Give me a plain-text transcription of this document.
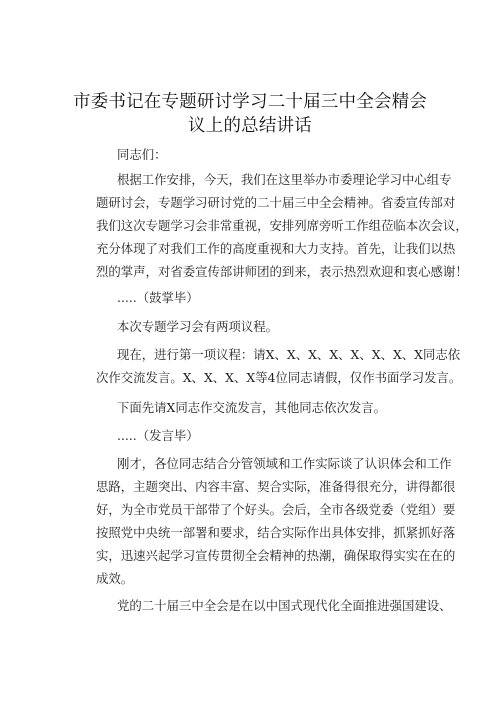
市委书记在专题研讨学习二十届三中全会精会
议上的总结讲话
同志们：
根据工作安排，今天，我们在这里举办市委理论学习中心组专
题研讨会，专题学习研讨党的二十届三中全会精神。省委宣传部对
我们这次专题学习会非常重视，安排列席旁听工作组莅临本次会议，
充分体现了对我们工作的高度重视和大力支持。首先，让我们以热
烈的掌声，对省委宣传部讲师团的到来，表示热烈欢迎和衷心感谢！
.....（鼓掌毕）
本次专题学习会有两项议程。
现在，进行第一项议程：请X、X、X、X、X、X、X、X同志依
次作交流发言。X、X、X、X等4位同志请假，仅作书面学习发言。
下面先请X同志作交流发言，其他同志依次发言。
.....（发言毕）
刚才，各位同志结合分管领域和工作实际谈了认识体会和工作
思路，主题突出、内容丰富、契合实际，准备得很充分，讲得都很
好，为全市党员干部带了个好头。会后，全市各级党委（党组）要
按照党中央统一部署和要求，结合实际作出具体安排，抓紧抓好落
实，迅速兴起学习宣传贯彻全会精神的热潮，确保取得实实在在的
成效。
党的二十届三中全会是在以中国式现代化全面推进强国建设、
